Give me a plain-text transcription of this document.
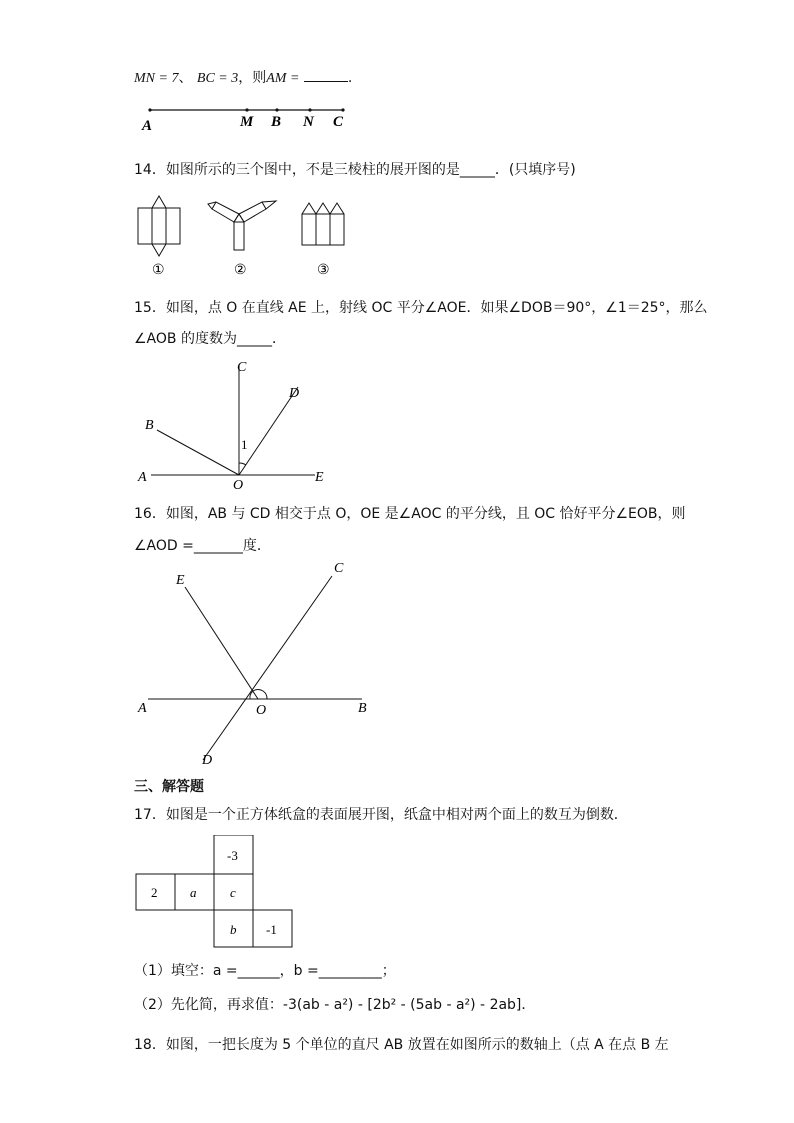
MN = 7、 BC = 3，则AM =	.
A	M B N C
14．如图所示的三个图中，不是三棱柱的展开图的是_____．(只填序号)
①	②	③
15．如图，点 O 在直线 AE 上，射线 OC 平分∠AOE．如果∠DOB＝90°，∠1＝25°，那么
∠AOB 的度数为_____．
C
D
B
A
O
E
1
16．如图，AB 与 CD 相交于点 O，OE 是∠AOC 的平分线，且 OC 恰好平分∠EOB，则
∠AOD =_______度．
E
C
A	O	B
D
三、解答题
17．如图是一个正方体纸盒的表面展开图，纸盒中相对两个面上的数互为倒数．
-3
2	a	c
b -1
（1）填空：a =______，b =_________；
（2）先化简，再求值：-3(ab - a²) - [2b² - (5ab - a²) - 2ab]．
18．如图，一把长度为 5 个单位的直尺 AB 放置在如图所示的数轴上（点 A 在点 B 左
